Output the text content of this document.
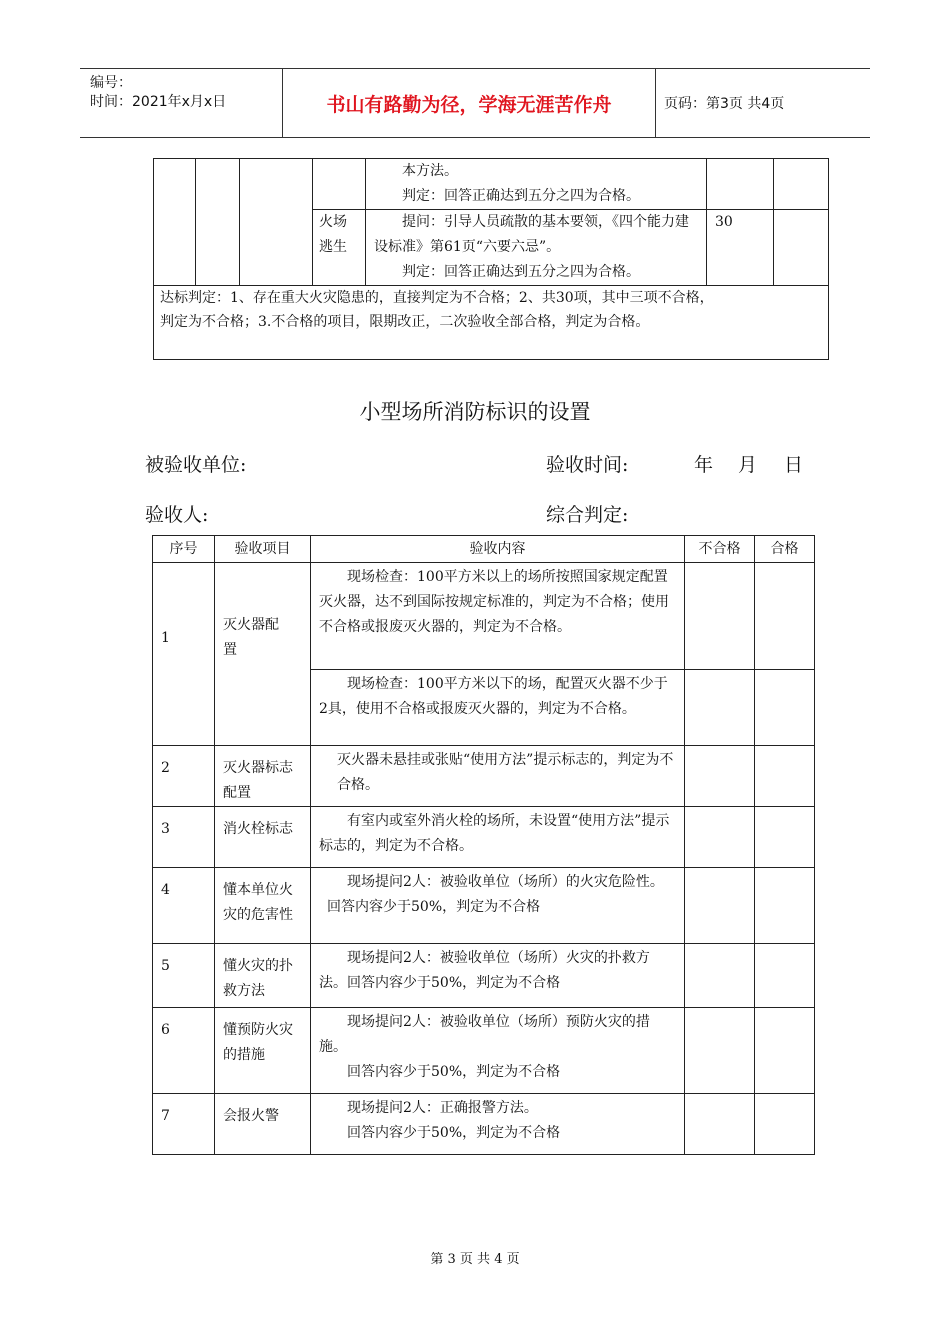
编号：
时间：2021年x月x日	书山有路勤为径，学海无涯苦作舟	页码：第3页 共4页

				本方法。

判定：回答正确达到五分之四为合格。		

			火场逃生	提问：引导人员疏散的基本要领，《四个能力建设标准》第61页“六要六忌”。

判定：回答正确达到五分之四为合格。	30	

达标判定：1、存在重大火灾隐患的，直接判定为不合格；2、共30项，其中三项不合格，

判定为不合格；3.不合格的项目，限期改正，二次验收全部合格，判定为合格。						

小型场所消防标识的设置
被验收单位:	验收时间:	年 月 日
验收人:	综合判定:
序号	验收项目	验收内容	不合格	合格
1	灭火器配　置	现场检查：100平方米以上的场所按照国家规定配置灭火器，达不到国际按规定标准的，判定为不合格；使用不合格或报废灭火器的，判定为不合格。		

		现场检查：100平方米以下的场，配置灭火器不少于2具，使用不合格或报废灭火器的，判定为不合格。		

2	灭火器标志配置	灭火器未悬挂或张贴“使用方法”提示标志的，判定为不合格。		

3	消火栓标志	有室内或室外消火栓的场所，未设置“使用方法”提示标志的，判定为不合格。		

4	懂本单位火灾的危害性	现场提问2人：被验收单位（场所）的火灾危险性。

回答内容少于50%，判定为不合格		

5	懂火灾的扑救方法	现场提问2人：被验收单位（场所）火灾的扑救方法。回答内容少于50%，判定为不合格		

6	懂预防火灾的措施	现场提问2人：被验收单位（场所）预防火灾的措施。

回答内容少于50%，判定为不合格		

7	会报火警	现场提问2人：正确报警方法。

回答内容少于50%，判定为不合格		

第 3 页 共 4 页
